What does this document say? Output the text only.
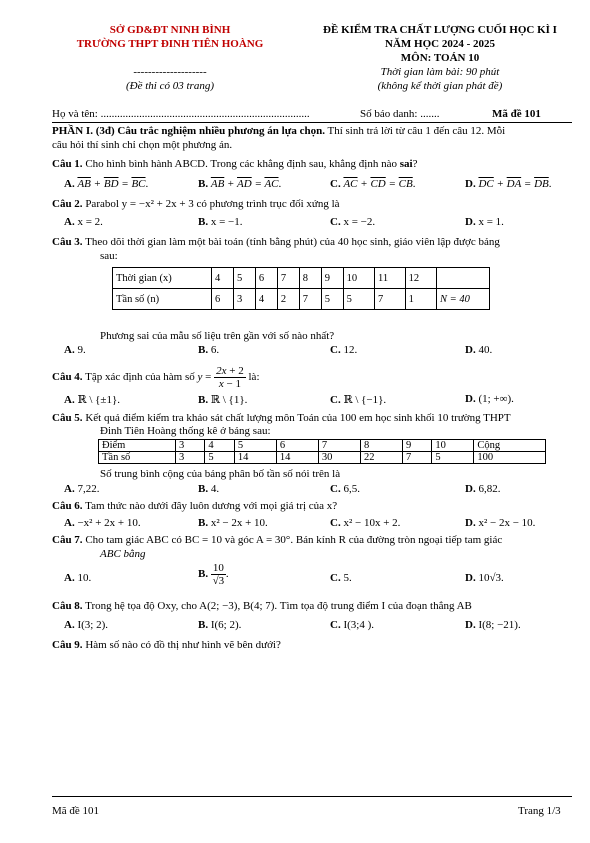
SỞ GD&ĐT NINH BÌNH
TRƯỜNG THPT ĐINH TIÊN HOÀNG
--------------------
(Đề thi có 03 trang)
ĐỀ KIỂM TRA CHẤT LƯỢNG CUỐI HỌC KÌ I
NĂM HỌC 2024 - 2025
MÔN: TOÁN 10
Thời gian làm bài: 90 phút
(không kể thời gian phát đề)
Họ và tên: ............................................................................	Số báo danh: .......	Mã đề 101
PHẦN I. (3đ) Câu trắc nghiệm nhiều phương án lựa chọn. Thí sinh trả lời từ câu 1 đến câu 12. Mỗi
câu hỏi thí sinh chỉ chọn một phương án.
Câu 1. Cho hình bình hành ABCD. Trong các khẳng định sau, khẳng định nào sai?
A. $\overline{AB} + \overline{BD} = \overline{BC}$.	B. $\overline{AB} + \overline{AD} = \overline{AC}$.	C. $\overline{AC} + \overline{CD} = \overline{CB}$.	D. $\overline{DC} + \overline{DA} = \overline{DB}$.
Câu 2. Parabol y = −x² + 2x + 3 có phương trình trục đối xứng là
A. x = 2.	B. x = −1.	C. x = −2.	D. x = 1.
Câu 3. Theo dõi thời gian làm một bài toán (tính bằng phút) của 40 học sinh, giáo viên lập được bảng
sau:
Thời gian (x)	4	5	6	7	8	9	10	11	12	
Tần số (n)	6	3	4	2	7	5	5	7	1	N = 40
Phương sai của mẫu số liệu trên gần với số nào nhất?
A. 9.	B. 6.	C. 12.	D. 40.
Câu 4. Tập xác định của hàm số $y = \frac{2x + 2}{x - 1}$ là:
A. ℝ \ {±1}.	B. ℝ \ {1}.	C. ℝ \ {−1}.	D. (1; +∞).
Câu 5. Kết quả điểm kiểm tra khảo sát chất lượng môn Toán của 100 em học sinh khối 10 trường THPT
Đinh Tiên Hoàng thống kê ở bảng sau:
Điểm	3	4	5	6	7	8	9	10	Cộng
Tần số	3	5	14	14	30	22	7	5	100
Số trung bình cộng của bảng phân bố tần số nói trên là
A. 7,22.	B. 4.	C. 6,5.	D. 6,82.
Câu 6. Tam thức nào dưới đây luôn dương với mọi giá trị của x?
A. −x² + 2x + 10.	B. x² − 2x + 10.	C. x² − 10x + 2.	D. x² − 2x − 10.
Câu 7. Cho tam giác ABC có BC = 10 và góc A = 30°. Bán kính R của đường tròn ngoại tiếp tam giác
ABC bằng
A. 10.	B. $\frac{10}{√3}$ .	C. 5.	D. 10√3.
Câu 8. Trong hệ tọa độ Oxy, cho A(2; −3), B(4; 7). Tìm tọa độ trung điểm I của đoạn thẳng AB
A. I(3; 2).	B. I(6; 2).	C. I(3;4 ).	D. I(8; −21).
Câu 9. Hàm số nào có đồ thị như hình vẽ bên dưới?
Mã đề 101	Trang 1/3
